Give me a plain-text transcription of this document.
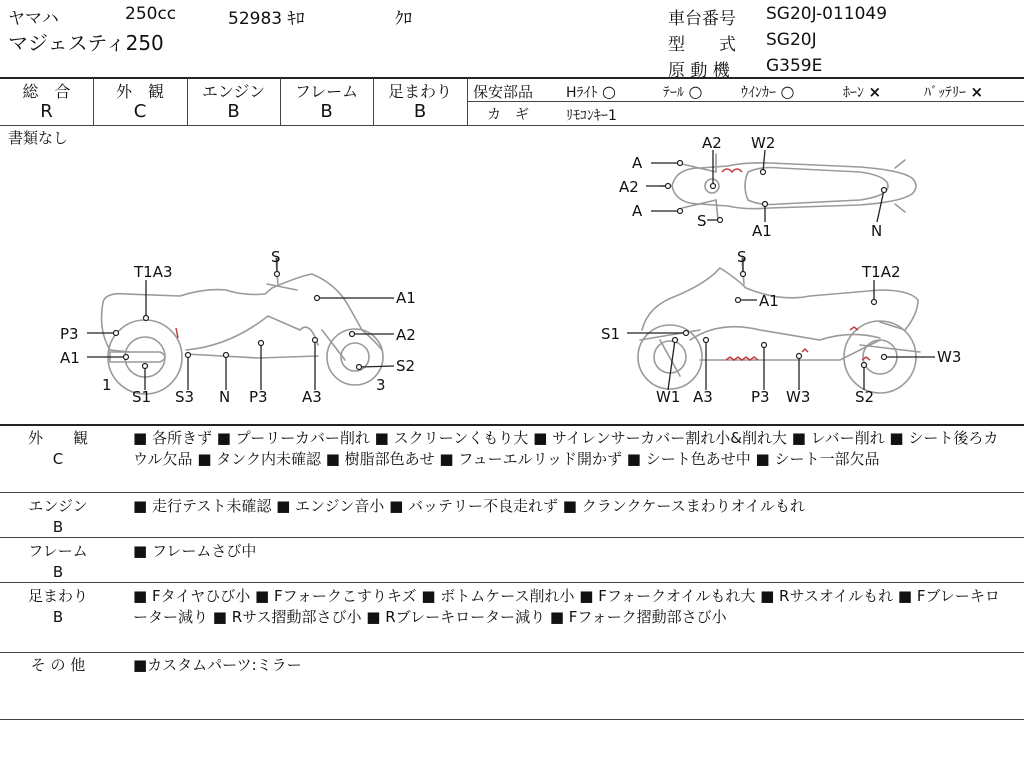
ヤマハ	250cc	52983 ｷﾛ	ｸﾛ
マジェスティ250
車台番号 SG20J-011049
型　　式 SG20J
原 動 機 G359E
総　合
R
外　観
C
エンジン
B
フレーム
B
足まわり
B
保安部品 Hﾗｲﾄ ○	ﾃｰﾙ ○	ｳｲﾝｶｰ ○	ﾎｰﾝ ×	ﾊﾞｯﾃﾘｰ ×
カ　ギ	ﾘﾓｺﾝｷｰ1
書類なし	A2 W2
A
A2
A
S
A1	N
S
T1A3
A1
P3	A2
A1	S2
1	3
S1 S3 N P3 A3
S
T1A2
A1
S1
W3
W1 A3	P3 W3	S2
外　　観
C
■ 各所きず ■ プーリーカバー削れ ■ スクリーンくもり大 ■ サイレンサーカバー割れ小&削れ大 ■ レバー削れ ■ シート後ろカウル欠品 ■ タンク内未確認 ■ 樹脂部色あせ ■ フューエルリッド開かず ■ シート色あせ中 ■ シート一部欠品
エンジン
B
■ 走行テスト未確認 ■ エンジン音小 ■ バッテリー不良走れず ■ クランクケースまわりオイルもれ
フレーム
B
■ フレームさび中
足まわり
B
■ Fタイヤひび小 ■ Fフォークこすりキズ ■ ボトムケース削れ小 ■ Fフォークオイルもれ大 ■ Rサスオイルもれ ■ Fブレーキローター減り ■ Rサス摺動部さび小 ■ Rブレーキローター減り ■ Fフォーク摺動部さび小
そ の 他	■カスタムパーツ:ミラー
